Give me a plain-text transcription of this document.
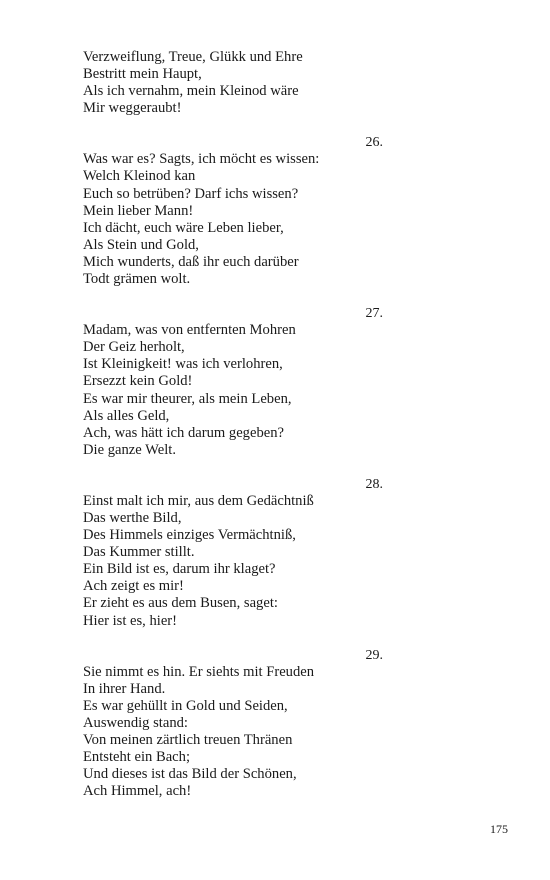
Verzweiflung, Treue, Glükk und Ehre
Bestritt mein Haupt,
Als ich vernahm, mein Kleinod wäre
Mir weggeraubt!
26.
Was war es? Sagts, ich möcht es wissen:
Welch Kleinod kan
Euch so betrüben? Darf ichs wissen?
Mein lieber Mann!
Ich dächt, euch wäre Leben lieber,
Als Stein und Gold,
Mich wunderts, daß ihr euch darüber
Todt grämen wolt.
27.
Madam, was von entfernten Mohren
Der Geiz herholt,
Ist Kleinigkeit! was ich verlohren,
Ersezzt kein Gold!
Es war mir theurer, als mein Leben,
Als alles Geld,
Ach, was hätt ich darum gegeben?
Die ganze Welt.
28.
Einst malt ich mir, aus dem Gedächtniß
Das werthe Bild,
Des Himmels einziges Vermächtniß,
Das Kummer stillt.
Ein Bild ist es, darum ihr klaget?
Ach zeigt es mir!
Er zieht es aus dem Busen, saget:
Hier ist es, hier!
29.
Sie nimmt es hin. Er siehts mit Freuden
In ihrer Hand.
Es war gehüllt in Gold und Seiden,
Auswendig stand:
Von meinen zärtlich treuen Thränen
Entsteht ein Bach;
Und dieses ist das Bild der Schönen,
Ach Himmel, ach!
175
